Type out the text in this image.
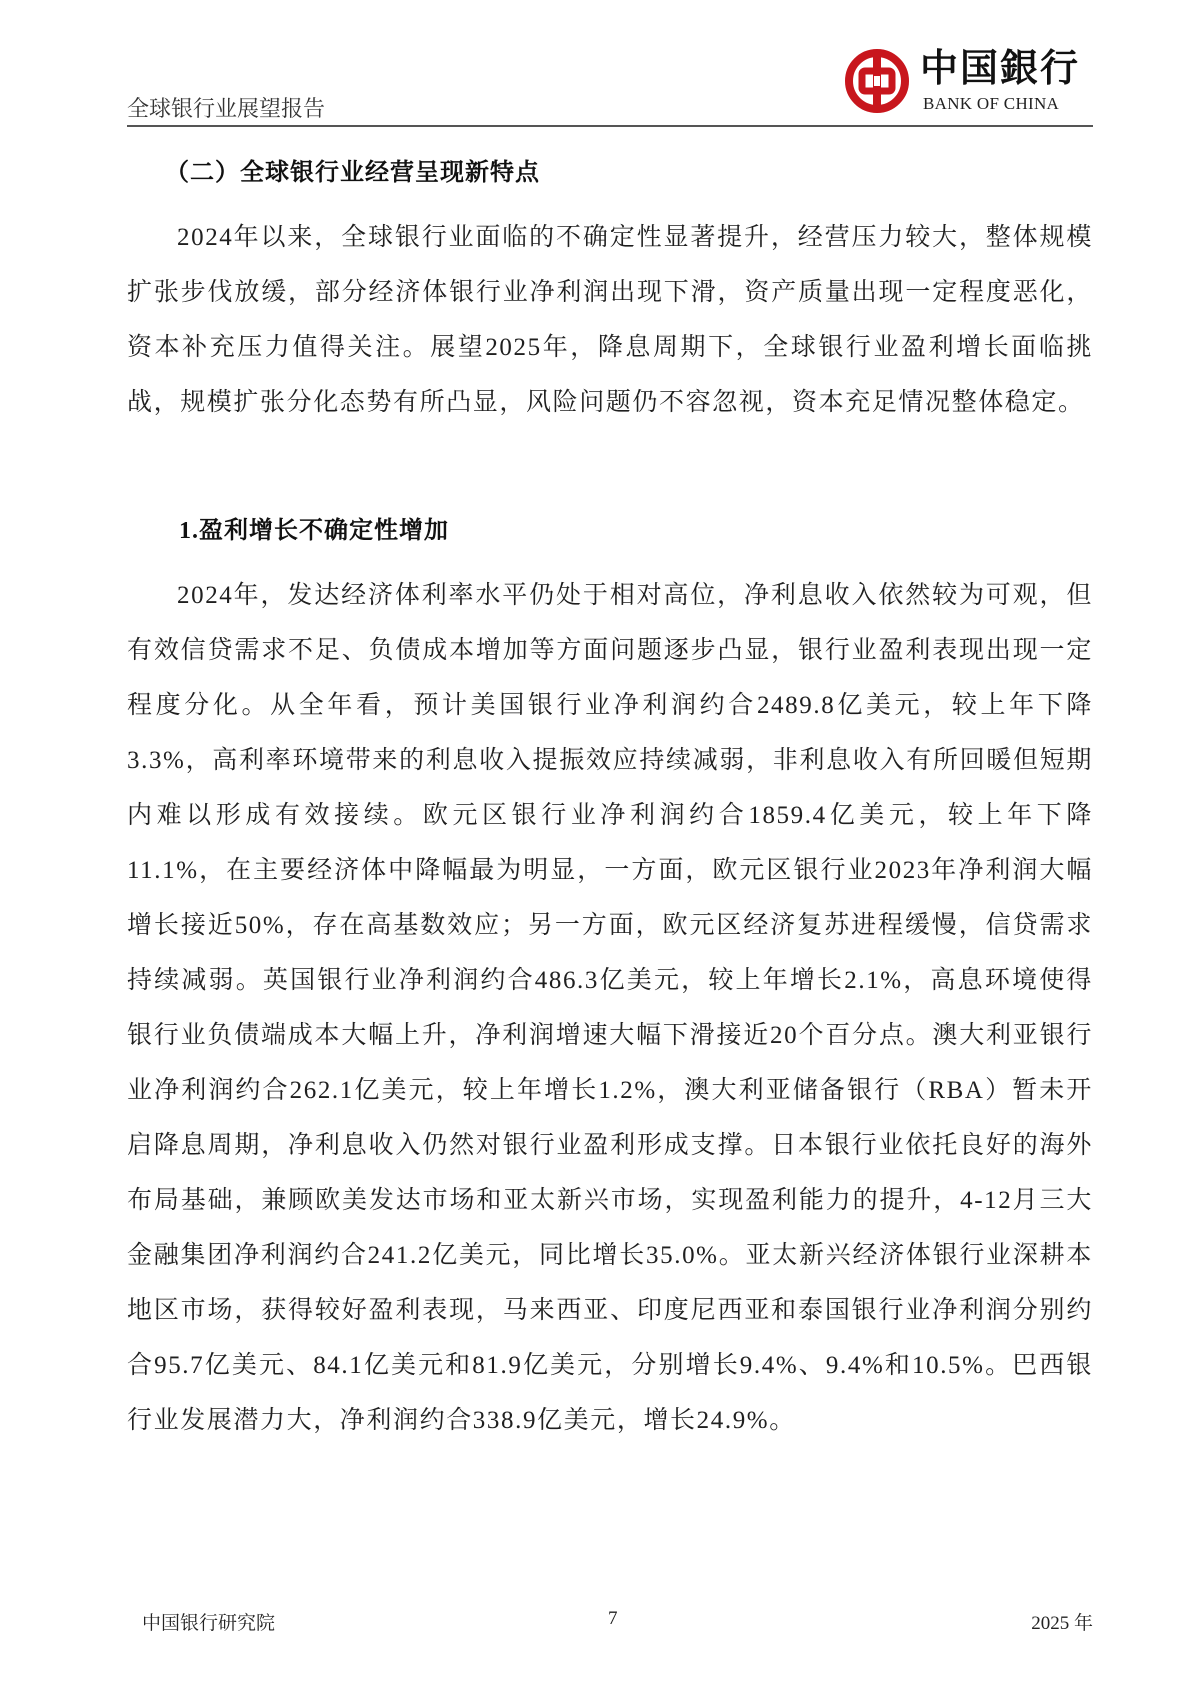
全球银行业展望报告
中国銀行
BANK OF CHINA
（二）全球银行业经营呈现新特点

2024年以来，全球银行业面临的不确定性显著提升，经营压力较大，整体规模扩张步伐放缓，部分经济体银行业净利润出现下滑，资产质量出现一定程度恶化，资本补充压力值得关注。展望2025年，降息周期下，全球银行业盈利增长面临挑战，规模扩张分化态势有所凸显，风险问题仍不容忽视，资本充足情况整体稳定。

1.盈利增长不确定性增加

2024年，发达经济体利率水平仍处于相对高位，净利息收入依然较为可观，但有效信贷需求不足、负债成本增加等方面问题逐步凸显，银行业盈利表现出现一定程度分化。从全年看，预计美国银行业净利润约合2489.8亿美元，较上年下降3.3%，高利率环境带来的利息收入提振效应持续减弱，非利息收入有所回暖但短期内难以形成有效接续。欧元区银行业净利润约合1859.4亿美元，较上年下降11.1%，在主要经济体中降幅最为明显，一方面，欧元区银行业2023年净利润大幅增长接近50%，存在高基数效应；另一方面，欧元区经济复苏进程缓慢，信贷需求持续减弱。英国银行业净利润约合486.3亿美元，较上年增长2.1%，高息环境使得银行业负债端成本大幅上升，净利润增速大幅下滑接近20个百分点。澳大利亚银行业净利润约合262.1亿美元，较上年增长1.2%，澳大利亚储备银行（RBA）暂未开启降息周期，净利息收入仍然对银行业盈利形成支撑。日本银行业依托良好的海外布局基础，兼顾欧美发达市场和亚太新兴市场，实现盈利能力的提升，4-12月三大金融集团净利润约合241.2亿美元，同比增长35.0%。亚太新兴经济体银行业深耕本地区市场，获得较好盈利表现，马来西亚、印度尼西亚和泰国银行业净利润分别约合95.7亿美元、84.1亿美元和81.9亿美元，分别增长9.4%、9.4%和10.5%。巴西银行业发展潜力大，净利润约合338.9亿美元，增长24.9%。

中国银行研究院	7	2025 年
